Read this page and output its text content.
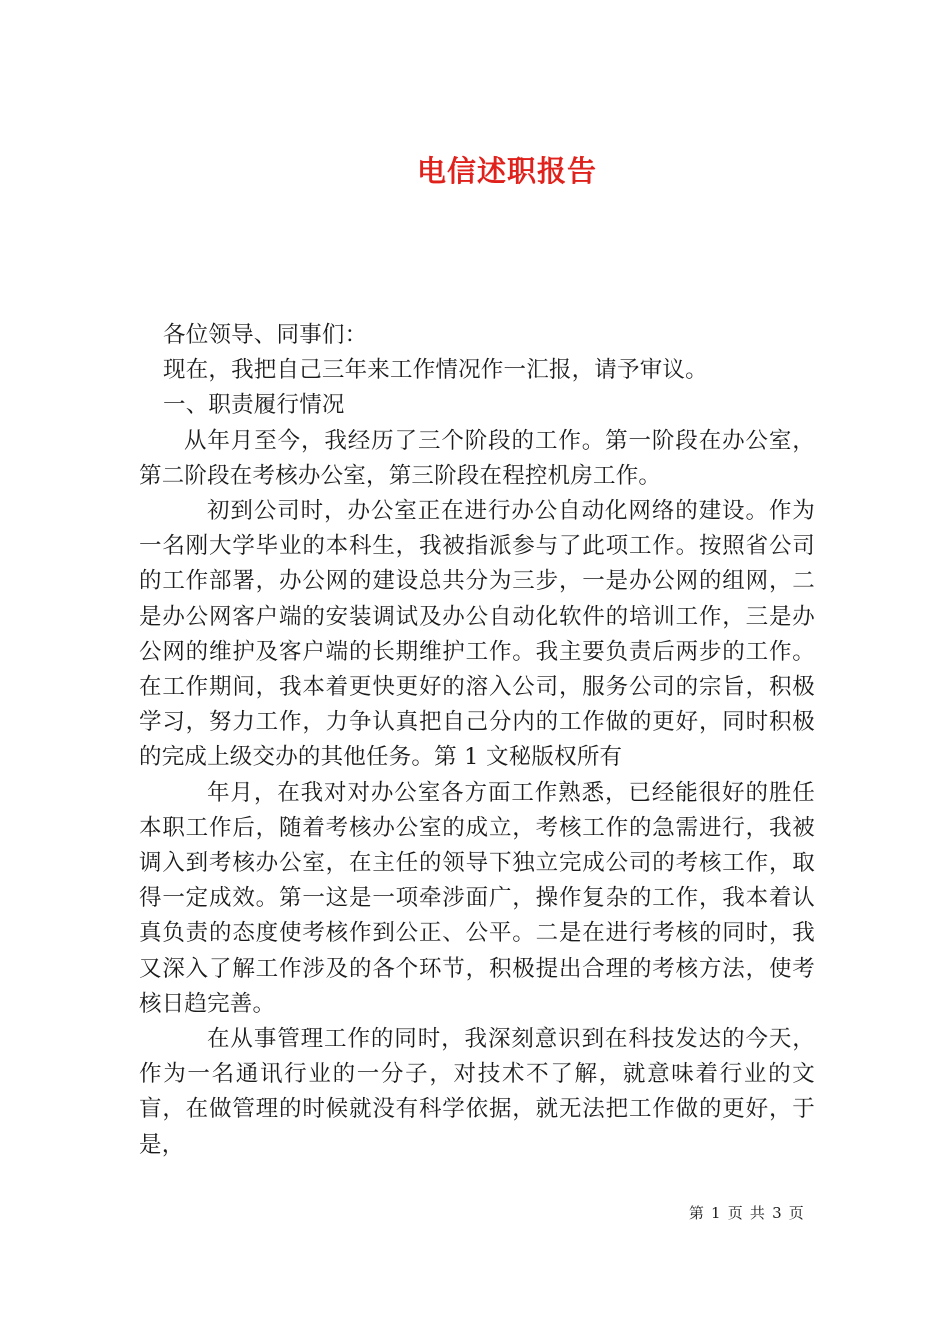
电信述职报告

各位领导、同事们：

现在，我把自己三年来工作情况作一汇报，请予审议。

一、职责履行情况

从年月至今，我经历了三个阶段的工作。第一阶段在办公室，第二阶段在考核办公室，第三阶段在程控机房工作。

初到公司时，办公室正在进行办公自动化网络的建设。作为一名刚大学毕业的本科生，我被指派参与了此项工作。按照省公司的工作部署，办公网的建设总共分为三步，一是办公网的组网，二是办公网客户端的安装调试及办公自动化软件的培训工作，三是办公网的维护及客户端的长期维护工作。我主要负责后两步的工作。在工作期间，我本着更快更好的溶入公司，服务公司的宗旨，积极学习，努力工作，力争认真把自己分内的工作做的更好，同时积极的完成上级交办的其他任务。第 1 文秘版权所有

年月，在我对对办公室各方面工作熟悉，已经能很好的胜任本职工作后，随着考核办公室的成立，考核工作的急需进行，我被调入到考核办公室，在主任的领导下独立完成公司的考核工作，取得一定成效。第一这是一项牵涉面广，操作复杂的工作，我本着认真负责的态度使考核作到公正、公平。二是在进行考核的同时，我又深入了解工作涉及的各个环节，积极提出合理的考核方法，使考核日趋完善。

在从事管理工作的同时，我深刻意识到在科技发达的今天，作为一名通讯行业的一分子，对技术不了解，就意味着行业的文盲，在做管理的时候就没有科学依据，就无法把工作做的更好，于是，

第 1 页 共 3 页
